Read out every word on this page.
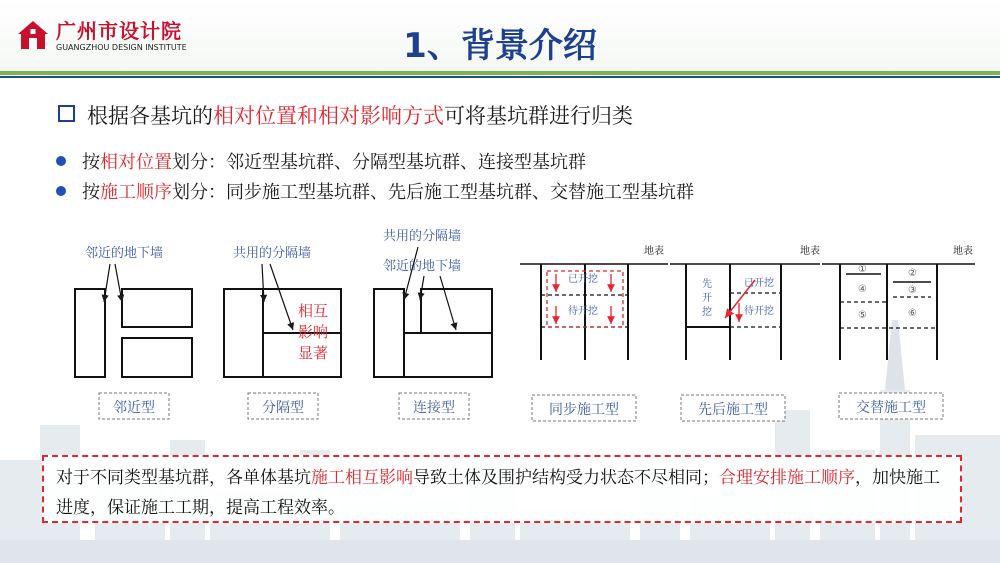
广州市设计院
GUANGZHOU DESIGN INSTITUTE	1、背景介绍
根据各基坑的相对位置和相对影响方式可将基坑群进行归类
按相对位置划分：邻近型基坑群、分隔型基坑群、连接型基坑群
按施工顺序划分：同步施工型基坑群、先后施工型基坑群、交替施工型基坑群
邻近的地下墙
邻近型
共用的分隔墙
相互
影响
显著
分隔型
共用的分隔墙
邻近的地下墙
连接型
地表
已开挖
待开挖
同步施工型
地表
先
开
挖
已开挖
待开挖
先后施工型
地表
①	②
③
④
⑤	⑥
交替施工型

对于不同类型基坑群，各单体基坑施工相互影响导致土体及围护结构受力状态不尽相同；合理安排施工顺序，加快施工进度，保证施工工期，提高工程效率。
